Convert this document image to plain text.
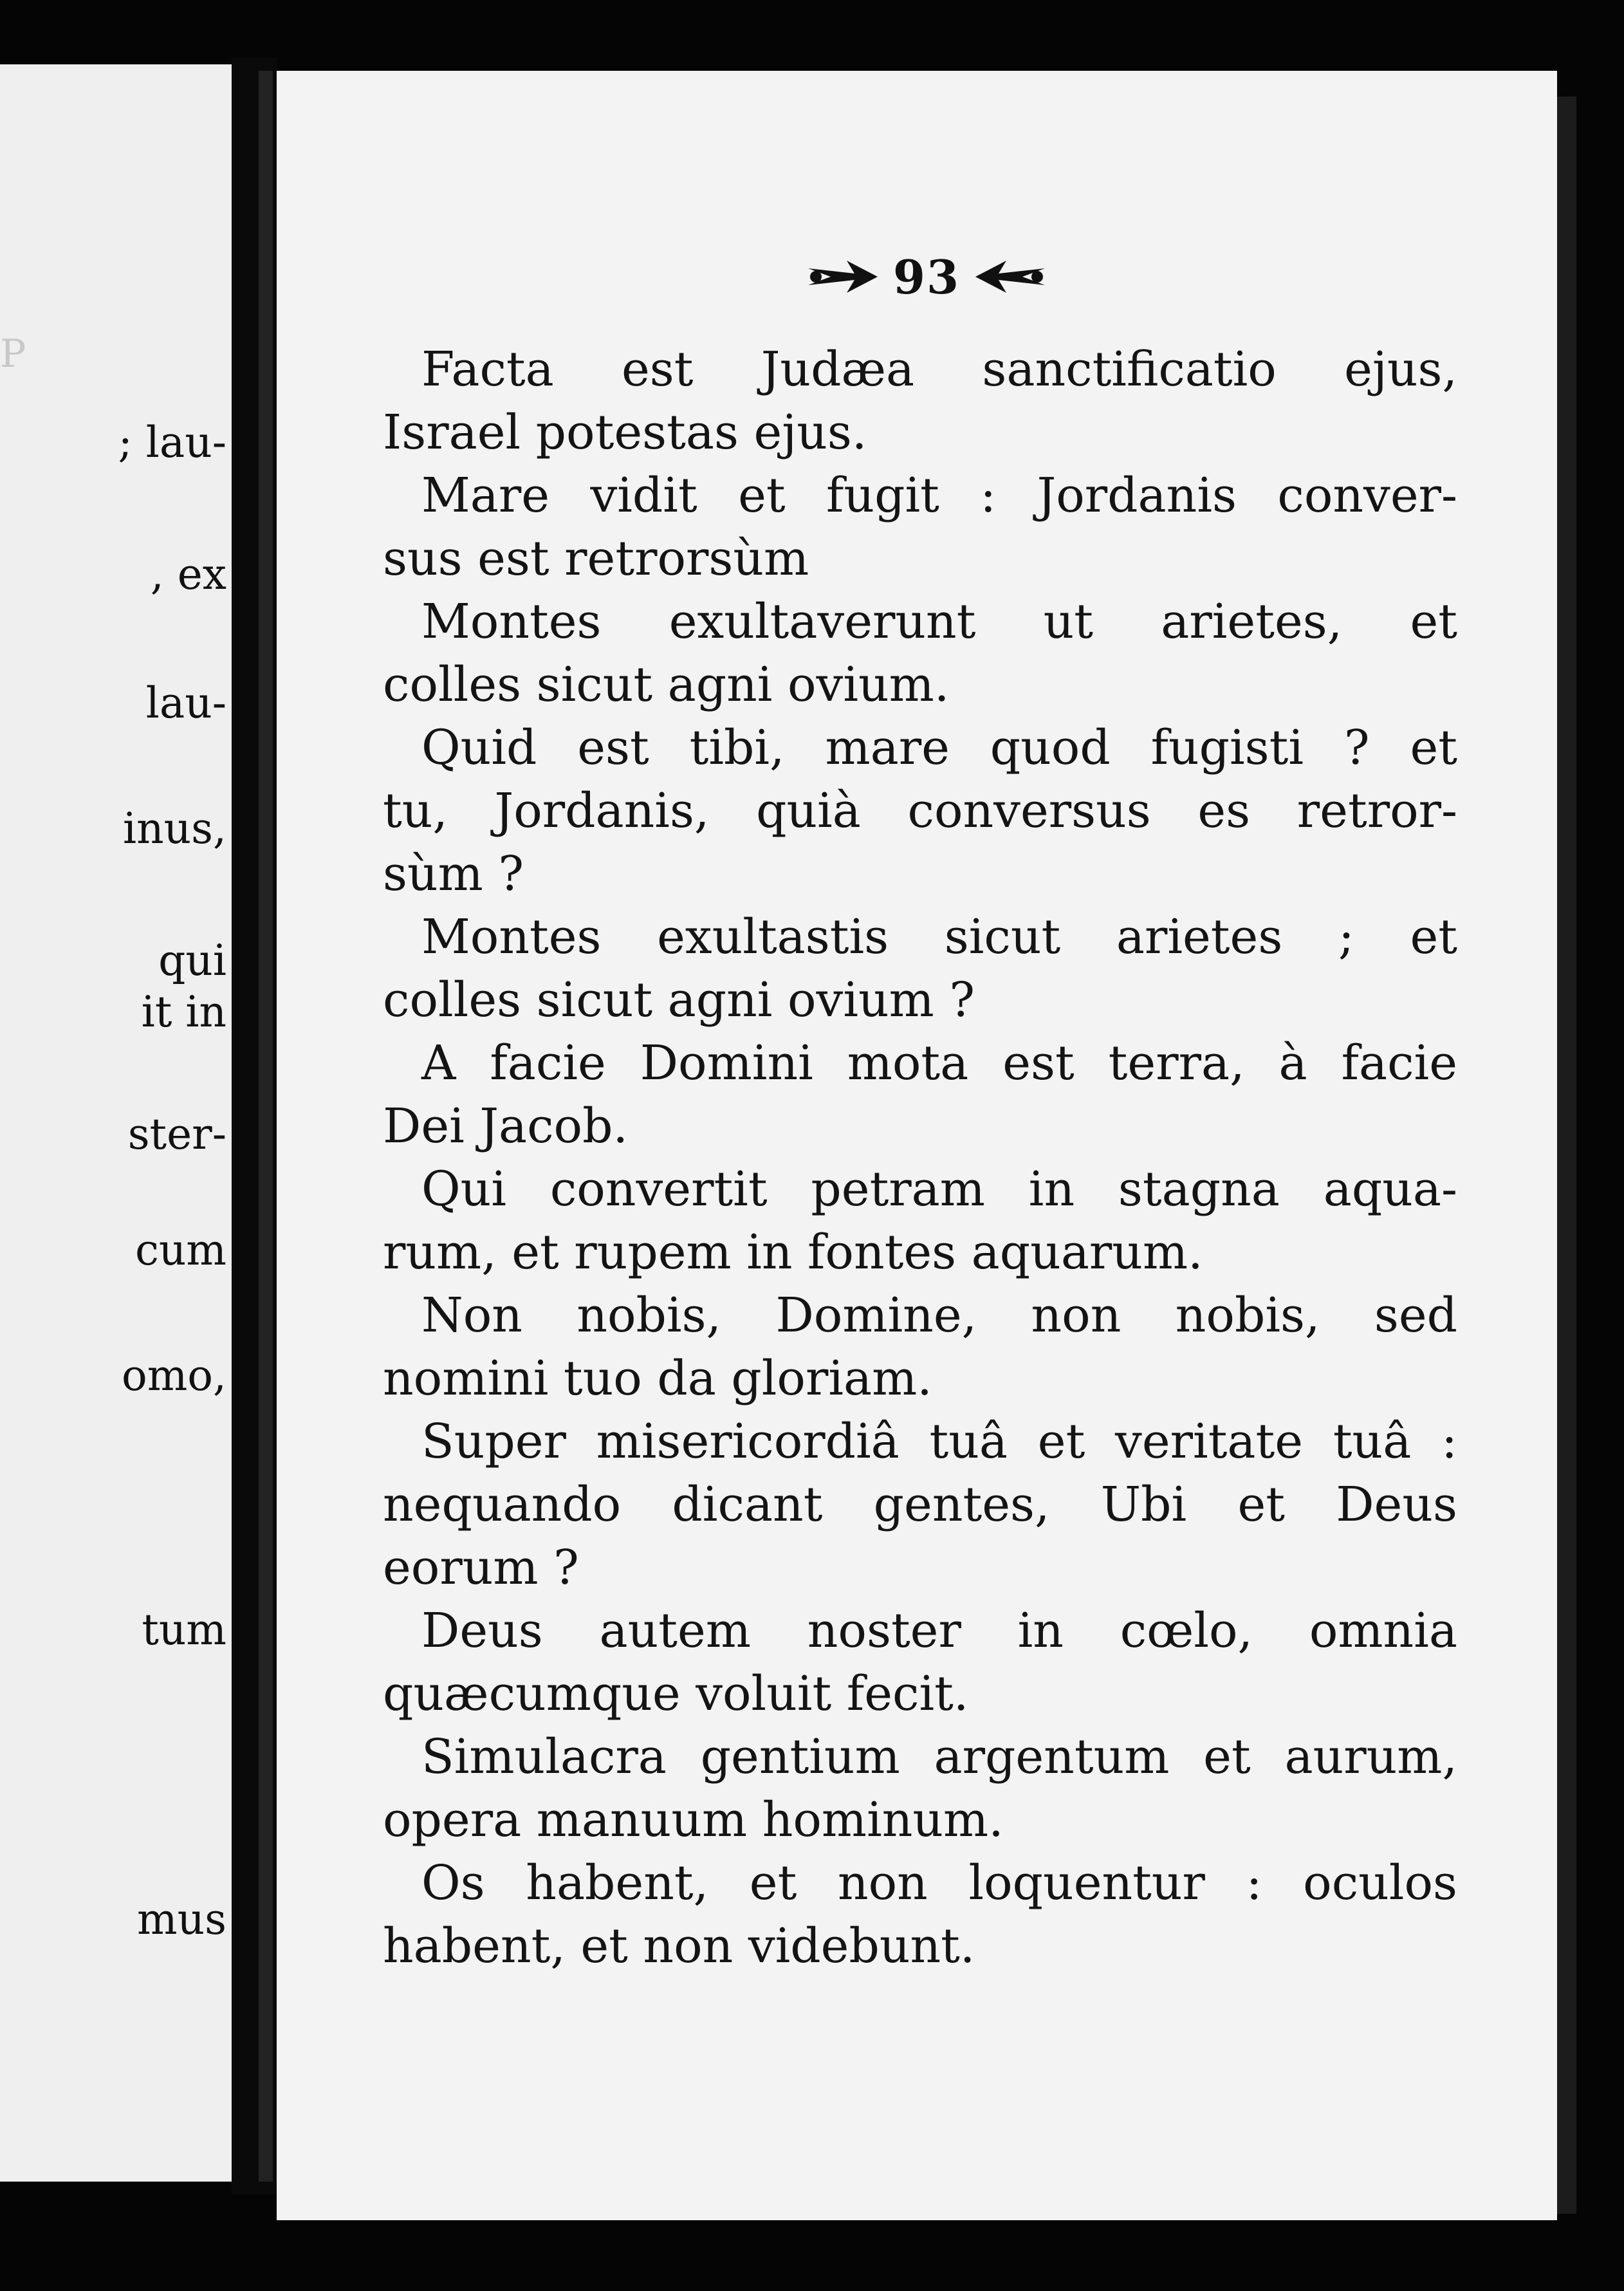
P
; lau-
, ex
lau-
inus,
qui
it in
ster-
cum
omo,
tum
mus
93
Facta est Judæa sanctificatio ejus,
Israel potestas ejus.
Mare vidit et fugit : Jordanis conver-
sus est retrorsùm
Montes exultaverunt ut arietes, et
colles sicut agni ovium.
Quid est tibi, mare quod fugisti ? et
tu, Jordanis, quià conversus es retror-
sùm ?
Montes exultastis sicut arietes ; et
colles sicut agni ovium ?
A facie Domini mota est terra, à facie
Dei Jacob.
Qui convertit petram in stagna aqua-
rum, et rupem in fontes aquarum.
Non nobis, Domine, non nobis, sed
nomini tuo da gloriam.
Super misericordiâ tuâ et veritate tuâ :
nequando dicant gentes, Ubi et Deus
eorum ?
Deus autem noster in cœlo, omnia
quæcumque voluit fecit.
Simulacra gentium argentum et aurum,
opera manuum hominum.
Os habent, et non loquentur : oculos
habent, et non videbunt.
